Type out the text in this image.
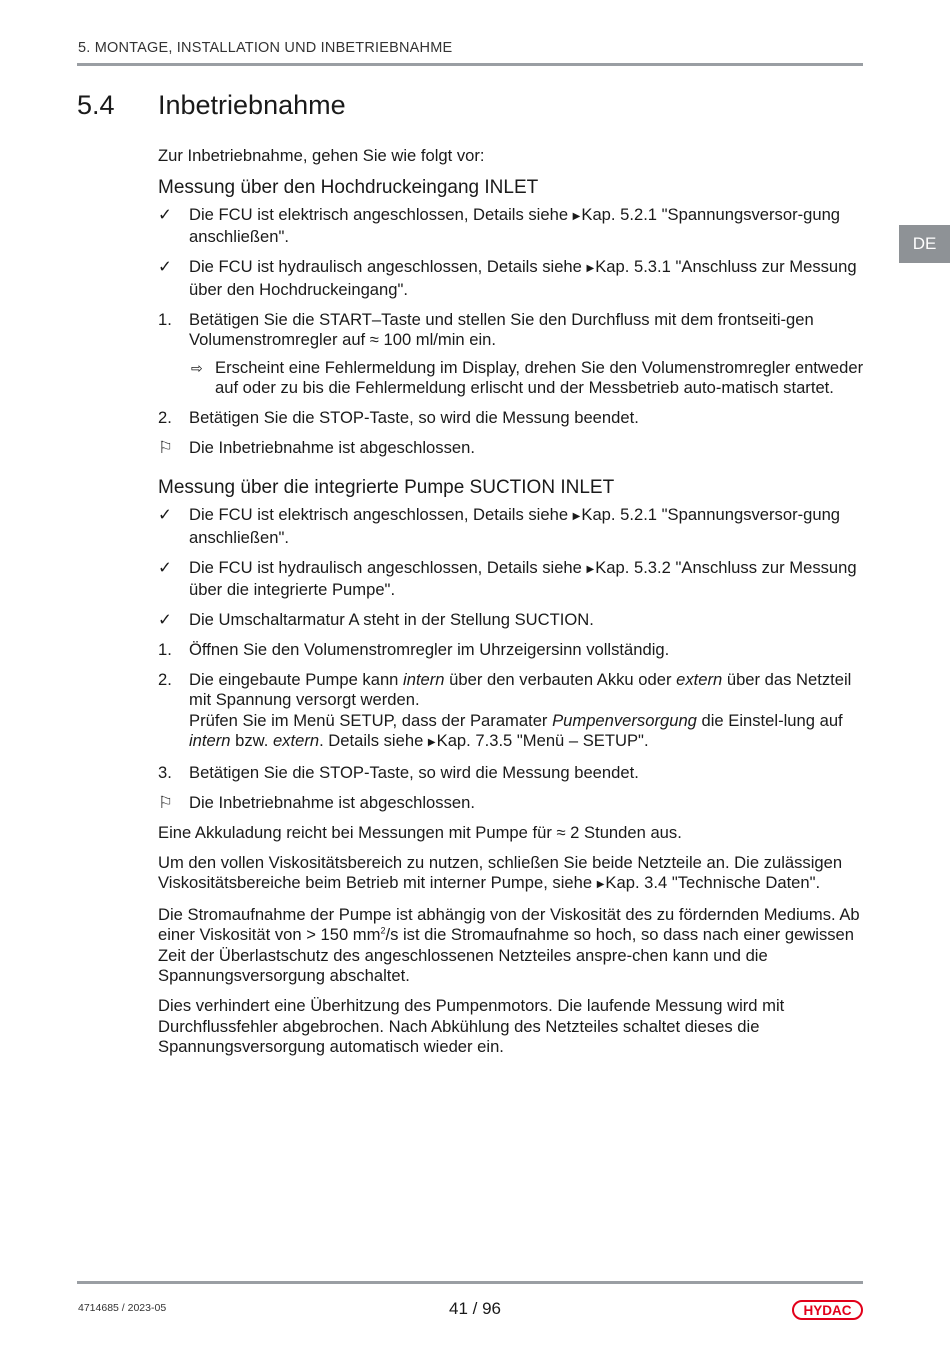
5. MONTAGE, INSTALLATION UND INBETRIEBNAHME
5.4 Inbetriebnahme
DE

Zur Inbetriebnahme, gehen Sie wie folgt vor:

Messung über den Hochdruckeingang INLET
✓	Die FCU ist elektrisch angeschlossen, Details siehe ▶Kap. 5.2.1 "Spannungsversor-gung anschließen".
✓	Die FCU ist hydraulisch angeschlossen, Details siehe ▶Kap. 5.3.1 "Anschluss zur Messung über den Hochdruckeingang".
1.	Betätigen Sie die START–Taste und stellen Sie den Durchfluss mit dem frontseiti-gen Volumenstromregler auf ≈ 100 ml/min ein.
⇨ Erscheint eine Fehlermeldung im Display, drehen Sie den Volumenstromregler entweder auf oder zu bis die Fehlermeldung erlischt und der Messbetrieb auto-matisch startet.
2.	Betätigen Sie die STOP-Taste, so wird die Messung beendet.
⚐ Die Inbetriebnahme ist abgeschlossen.
Messung über die integrierte Pumpe SUCTION INLET
✓	Die FCU ist elektrisch angeschlossen, Details siehe ▶Kap. 5.2.1 "Spannungsversor-gung anschließen".
✓	Die FCU ist hydraulisch angeschlossen, Details siehe ▶Kap. 5.3.2 "Anschluss zur Messung über die integrierte Pumpe".
✓	Die Umschaltarmatur A steht in der Stellung SUCTION.
1.	Öffnen Sie den Volumenstromregler im Uhrzeigersinn vollständig.
2.	Die eingebaute Pumpe kann intern über den verbauten Akku oder extern über das Netzteil mit Spannung versorgt werden.
Prüfen Sie im Menü SETUP, dass der Paramater Pumpenversorgung die Einstel-lung auf intern bzw. extern. Details siehe ▶Kap. 7.3.5 "Menü – SETUP".
3.	Betätigen Sie die STOP-Taste, so wird die Messung beendet.
⚐ Die Inbetriebnahme ist abgeschlossen.

Eine Akkuladung reicht bei Messungen mit Pumpe für ≈ 2 Stunden aus.

Um den vollen Viskositätsbereich zu nutzen, schließen Sie beide Netzteile an. Die zulässigen Viskositätsbereiche beim Betrieb mit interner Pumpe, siehe ▶Kap. 3.4 "Technische Daten".

Die Stromaufnahme der Pumpe ist abhängig von der Viskosität des zu fördernden Mediums. Ab einer Viskosität von > 150 $mm^2/s$ ist die Stromaufnahme so hoch, so dass nach einer gewissen Zeit der Überlastschutz des angeschlossenen Netzteiles anspre-chen kann und die Spannungsversorgung abschaltet.

Dies verhindert eine Überhitzung des Pumpenmotors. Die laufende Messung wird mit Durchflussfehler abgebrochen. Nach Abkühlung des Netzteiles schaltet dieses die Spannungsversorgung automatisch wieder ein.

4714685 / 2023-05	41 / 96	HYDAC
